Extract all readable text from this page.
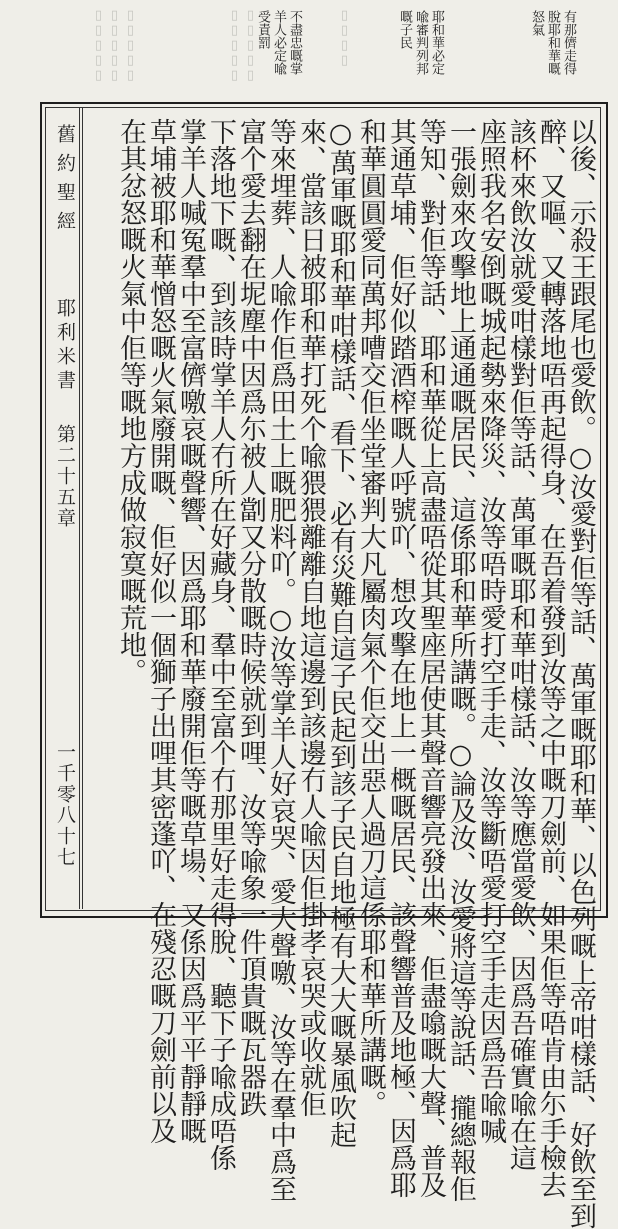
▯▯▯▯▯ ▯▯▯▯▯ ▯▯▯▯▯	▯▯▯▯▯ ▯▯▯▯▯	▯▯▯▯	有那儕走得
脫耶和華嘅
怒氣
耶和華必定
喩審判列邦
嘅子民
不盡忠嘅掌
羊人必定喩
受責罰
以後、示殺王跟尾也愛飲。○汝愛對佢等話、萬軍嘅耶和華、以色列嘅上帝咁樣話、好飲至到
醉、又嘔、又轉落地唔再起得身、在吾着發到汝等之中嘅刀劍前、如果佢等唔肯由尓手檢去
該杯來飲汝就愛咁樣對佢等話、萬軍嘅耶和華咁樣話、汝等應當愛飲、因爲吾確實喩在這
座照我名安倒嘅城起勢來降災、汝等唔時愛打空手走、汝等斷唔愛打空手走因爲吾喩喊
一張劍來攻擊地上通通嘅居民、這係耶和華所講嘅。○論及汝、汝愛將這等說話、攏總報佢
等知、對佢等話、耶和華從上高盡唔從其聖座居使其聲音響亮發出來、佢盡噏嘅大聲、普及
其通草埔、佢好似踏酒榨嘅人呼號吖、想攻擊在地上一概嘅居民、該聲響普及地極、因爲耶
和華圓圓愛同萬邦嘈交佢坐堂審判大凡屬肉氣个佢交出惡人過刀這係耶和華所講嘅。
○萬軍嘅耶和華咁樣話、看下、必有災難自這子民起到該子民自地極有大大嘅暴風吹起
來、當該日被耶和華打死个喩猥猥離離自地這邊到該邊冇人喩因佢掛孝哀哭或收就佢
等來埋葬、人喩作佢爲田土上嘅肥料吖。○汝等掌羊人好哀哭、愛大聲噭、汝等在羣中爲至
富个愛去翻在坭塵中因爲尓被人劏又分散嘅時候就到哩、汝等喩象一件頂貴嘅瓦器跌
下落地下嘅、到該時掌羊人冇所在好藏身、羣中至富个冇那里好走得脫、聽下子喩成唔係
掌羊人喊冤羣中至富儕噭哀嘅聲響、因爲耶和華廢開佢等嘅草場、又係因爲平平靜靜嘅
草埔被耶和華憎怒嘅火氣廢開嘅、佢好似一個獅子出哩其密蓬吖、在殘忍嘅刀劍前以及
在其忿怒嘅火氣中佢等嘅地方成做寂寞嘅荒地。
舊約聖經
耶利米書
第二十五章
一千零八十七
